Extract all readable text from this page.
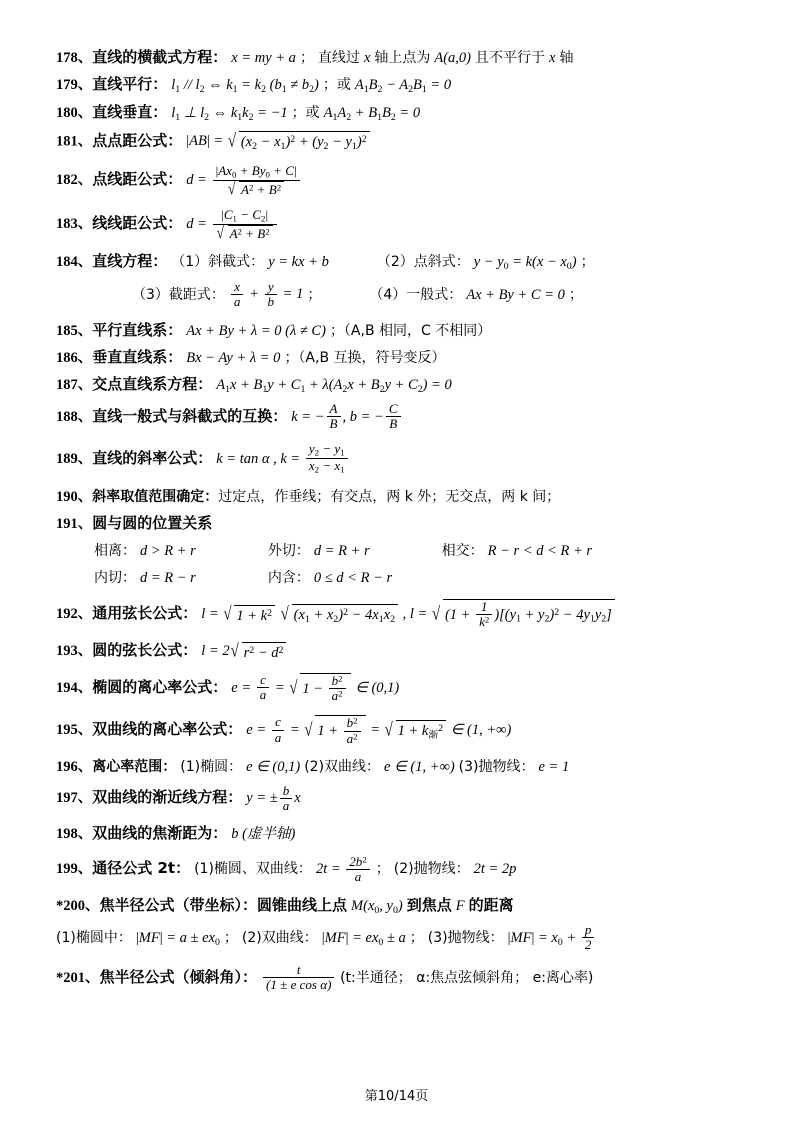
178、直线的横截式方程： x = my + a ； 直线过 x 轴上点为 A(a,0) 且不平行于 x 轴
179、直线平行： $l_1 // l_2$ ⇔ $k_1 = k_2$ $(b_1 \ne b_2)$ ；或 $A_1B_2 - A_2B_1 = 0$
180、直线垂直： $l_1$ ⊥ $l_2$ ⇔ $k_1k_2 = -1$ ；或 $A_1A_2 + B_1B_2 = 0$
181、点点距公式： |AB| = √ $(x_2 - x_1)^2 + (y_2 - y_1)^2$
182、点线距公式： $d = \frac{|Ax_0 + By_0 + C|}{√ A^2 + B^2}$
183、线线距公式： $d = \frac{|C_1 - C_2|}{√ A^2 + B^2}$
184、直线方程： （1）斜截式： y = kx + b	（2）点斜式： $y - y_0 = k(x - x_0)$ ；
（3）截距式： $\frac{x}{a} + \frac{y}{b} = 1$ ；	（4）一般式： Ax + By + C = 0 ；
185、平行直线系： Ax + By + λ = 0 (λ ≠ C) ；（A,B 相同，C 不相同）
186、垂直直线系： Bx − Ay + λ = 0 ；（A,B 互换，符号变反）
187、交点直线系方程： $A_1x + B_1y + C_1 + \lambda(A_2x + B_2y + C_2) = 0$
188、直线一般式与斜截式的互换： k = − $\frac{A}{B}$ , b = − $\frac{C}{B}$
189、直线的斜率公式： k = tan α , $k = \frac{y_2 - y_1}{x_2 - x_1}$
190、斜率取值范围确定：过定点，作垂线；有交点，两 k 外；无交点，两 k 间；
191、圆与圆的位置关系
相离： d > R + r	外切： d = R + r	相交： R − r < d < R + r
内切： d = R − r	内含： 0 ≤ d < R − r
192、通用弦长公式： l = √ $1 + k^2$ √ $(x_1 + x_2)^2 - 4x_1x_2$ , l = √ $(1 + \frac{1}{k^2} )[(y_1 + y_2)^2 - 4y_1y_2]$
193、圆的弦长公式： l = 2 √ $r^2 - d^2$
194、椭圆的离心率公式： $e = \frac{c}{a}$ = √ $1 - \frac{b^2}{a^2}$ ∈ (0,1)
195、双曲线的离心率公式： $e = \frac{c}{a}$ = √ $1 + \frac{b^2}{a^2}$ = √ $1 + k_渐^2$ ∈ (1, +∞)
196、离心率范围： (1)椭圆： e ∈ (0,1) (2)双曲线： e ∈ (1, +∞) (3)抛物线： e = 1
197、双曲线的渐近线方程： y = ± $\frac{b}{a}$ x
198、双曲线的焦渐距为： b (虚半轴)
199、通径公式 2t： (1)椭圆、双曲线： $2t = \frac{2b^2}{a}$ ； (2)抛物线： 2t = 2p
*200、焦半径公式（带坐标）：圆锥曲线上点 $M(x_0$, $y_0$) 到焦点 F 的距离
(1)椭圆中： $|MF| = a \pm ex_0$ ； (2)双曲线： $|MF| = ex_0 \pm a$ ； (3)抛物线： $|MF| = x_0 + \frac{p}{2}$
*201、焦半径公式（倾斜角）： $\frac{t}{\text{(1 ± e cos α)}} (t$:半通径； α:焦点弦倾斜角； e:离心率)
第10/14页
